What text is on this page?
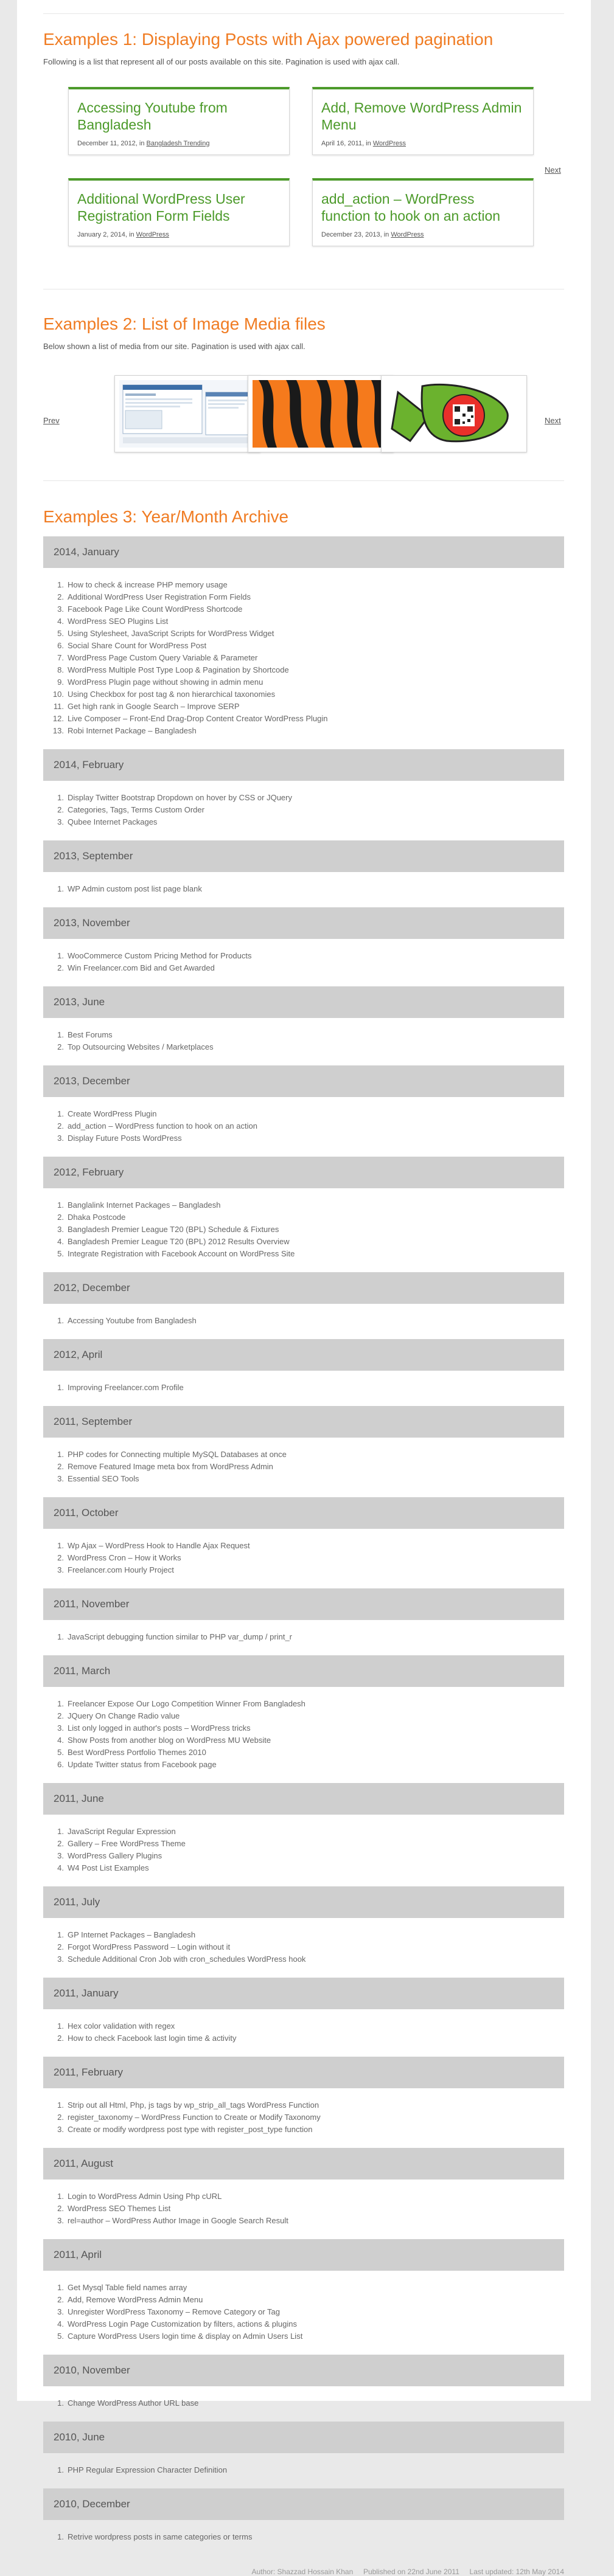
Examples 1: Displaying Posts with Ajax powered pagination
Following is a list that represent all of our posts available on this site. Pagination is used with ajax call.
Accessing Youtube from Bangladesh
December 11, 2012, in Bangladesh Trending
Add, Remove WordPress Admin Menu
April 16, 2011, in WordPress
Additional WordPress User Registration Form Fields
January 2, 2014, in WordPress
add_action – WordPress function to hook on an action
December 23, 2013, in WordPress
Next
Examples 2: List of Image Media files
Below shown a list of media from our site. Pagination is used with ajax call.
Prev	Next
Examples 3: Year/Month Archive
2014, January
1. How to check & increase PHP memory usage
2. Additional WordPress User Registration Form Fields
3. Facebook Page Like Count WordPress Shortcode
4. WordPress SEO Plugins List
5. Using Stylesheet, JavaScript Scripts for WordPress Widget
6. Social Share Count for WordPress Post
7. WordPress Page Custom Query Variable & Parameter
8. WordPress Multiple Post Type Loop & Pagination by Shortcode
9. WordPress Plugin page without showing in admin menu
10. Using Checkbox for post tag & non hierarchical taxonomies
11. Get high rank in Google Search – Improve SERP
12. Live Composer – Front-End Drag-Drop Content Creator WordPress Plugin
13. Robi Internet Package – Bangladesh
2014, February
1. Display Twitter Bootstrap Dropdown on hover by CSS or JQuery
2. Categories, Tags, Terms Custom Order
3. Qubee Internet Packages
2013, September
1. WP Admin custom post list page blank
2013, November
1. WooCommerce Custom Pricing Method for Products
2. Win Freelancer.com Bid and Get Awarded
2013, June
1. Best Forums
2. Top Outsourcing Websites / Marketplaces
2013, December
1. Create WordPress Plugin
2. add_action – WordPress function to hook on an action
3. Display Future Posts WordPress
2012, February
1. Banglalink Internet Packages – Bangladesh
2. Dhaka Postcode
3. Bangladesh Premier League T20 (BPL) Schedule & Fixtures
4. Bangladesh Premier League T20 (BPL) 2012 Results Overview
5. Integrate Registration with Facebook Account on WordPress Site
2012, December
1. Accessing Youtube from Bangladesh
2012, April
1. Improving Freelancer.com Profile
2011, September
1. PHP codes for Connecting multiple MySQL Databases at once
2. Remove Featured Image meta box from WordPress Admin
3. Essential SEO Tools
2011, October
1. Wp Ajax – WordPress Hook to Handle Ajax Request
2. WordPress Cron – How it Works
3. Freelancer.com Hourly Project
2011, November
1. JavaScript debugging function similar to PHP var_dump / print_r
2011, March
1. Freelancer Expose Our Logo Competition Winner From Bangladesh
2. JQuery On Change Radio value
3. List only logged in author's posts – WordPress tricks
4. Show Posts from another blog on WordPress MU Website
5. Best WordPress Portfolio Themes 2010
6. Update Twitter status from Facebook page
2011, June
1. JavaScript Regular Expression
2. Gallery – Free WordPress Theme
3. WordPress Gallery Plugins
4. W4 Post List Examples
2011, July
1. GP Internet Packages – Bangladesh
2. Forgot WordPress Password – Login without it
3. Schedule Additional Cron Job with cron_schedules WordPress hook
2011, January
1. Hex color validation with regex
2. How to check Facebook last login time & activity
2011, February
1. Strip out all Html, Php, js tags by wp_strip_all_tags WordPress Function
2. register_taxonomy – WordPress Function to Create or Modify Taxonomy
3. Create or modify wordpress post type with register_post_type function
2011, August
1. Login to WordPress Admin Using Php cURL
2. WordPress SEO Themes List
3. rel=author – WordPress Author Image in Google Search Result
2011, April
1. Get Mysql Table field names array
2. Add, Remove WordPress Admin Menu
3. Unregister WordPress Taxonomy – Remove Category or Tag
4. WordPress Login Page Customization by filters, actions & plugins
5. Capture WordPress Users login time & display on Admin Users List
2010, November
1. Change WordPress Author URL base
2010, June
1. PHP Regular Expression Character Definition
2010, December
1. Retrive wordpress posts in same categories or terms
Author: Shazzad Hossain Khan Published on 22nd June 2011 Last updated: 12th May 2014
